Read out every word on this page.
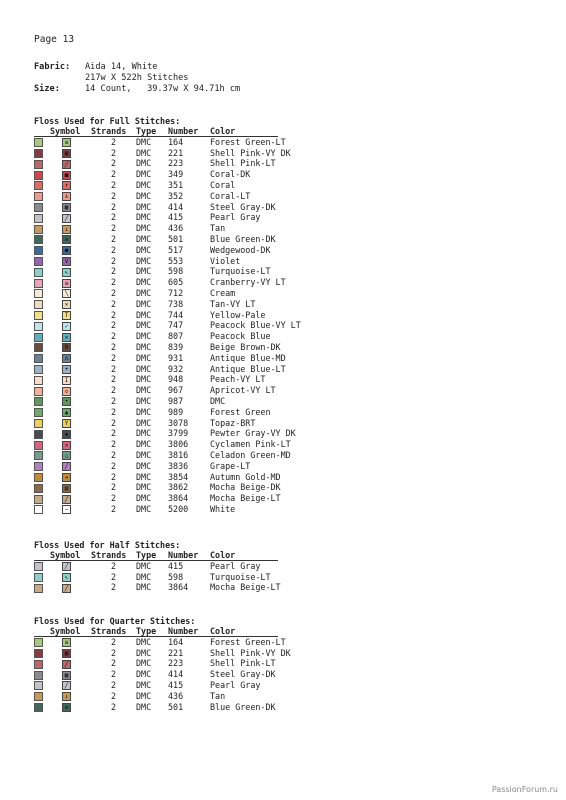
Page 13
Fabric: Aida 14, White
217w X 522h Stitches
Size:	14 Count,   39.37w X 94.71h cm
Floss Used for Full Stitches:
Symbol Strands Type Number Color
≡	2 DMC 164	Forest Green-LT
▦	2 DMC 221	Shell Pink-VY DK
╱	2 DMC 223	Shell Pink-LT
■	2 DMC 349	Coral-DK
↑	2 DMC 351	Coral
⋏	2 DMC 352	Coral-LT
▩	2 DMC 414	Steel Gray-DK
╱	2 DMC 415	Pearl Gray
↓	2 DMC 436	Tan
≡	2 DMC 501	Blue Green-DK
●	2 DMC 517	Wedgewood-DK
V	2 DMC 553	Violet
↖	2 DMC 598	Turquoise-LT
≡	2 DMC 605	Cranberry-VY LT
╲	2 DMC 712	Cream
✕	2 DMC 738	Tan-VY LT
T	2 DMC 744	Yellow-Pale
✓	2 DMC 747	Peacock Blue-VY LT
✕	2 DMC 807	Peacock Blue
N	2 DMC 839	Beige Brown-DK
ᴧ	2 DMC 931	Antique Blue-MD
+	2 DMC 932	Antique Blue-LT
I	2 DMC 948	Peach-VY LT
◇	2 DMC 967	Apricot-VY LT
•	2 DMC 987	DMC
▲	2 DMC 989	Forest Green
Y	2 DMC 3078	Topaz-BRT
▪	2 DMC 3799	Pewter Gray-VY DK
✕	2 DMC 3806	Cyclamen Pink-LT
△	2 DMC 3816	Celadon Green-MD
╱	2 DMC 3836	Grape-LT
➔	2 DMC 3854	Autumn Gold-MD
▨	2 DMC 3862	Mocha Beige-DK
╱	2 DMC 3864	Mocha Beige-LT
−	2 DMC 5200	White
Floss Used for Half Stitches:
Symbol Strands Type Number Color
╱	2 DMC 415	Pearl Gray
↖	2 DMC 598	Turquoise-LT
╱	2 DMC 3864	Mocha Beige-LT
Floss Used for Quarter Stitches:
Symbol Strands Type Number Color
≡	2 DMC 164	Forest Green-LT
▦	2 DMC 221	Shell Pink-VY DK
╱	2 DMC 223	Shell Pink-LT
▩	2 DMC 414	Steel Gray-DK
╱	2 DMC 415	Pearl Gray
↓	2 DMC 436	Tan
≡	2 DMC 501	Blue Green-DK
PassionForum.ru
